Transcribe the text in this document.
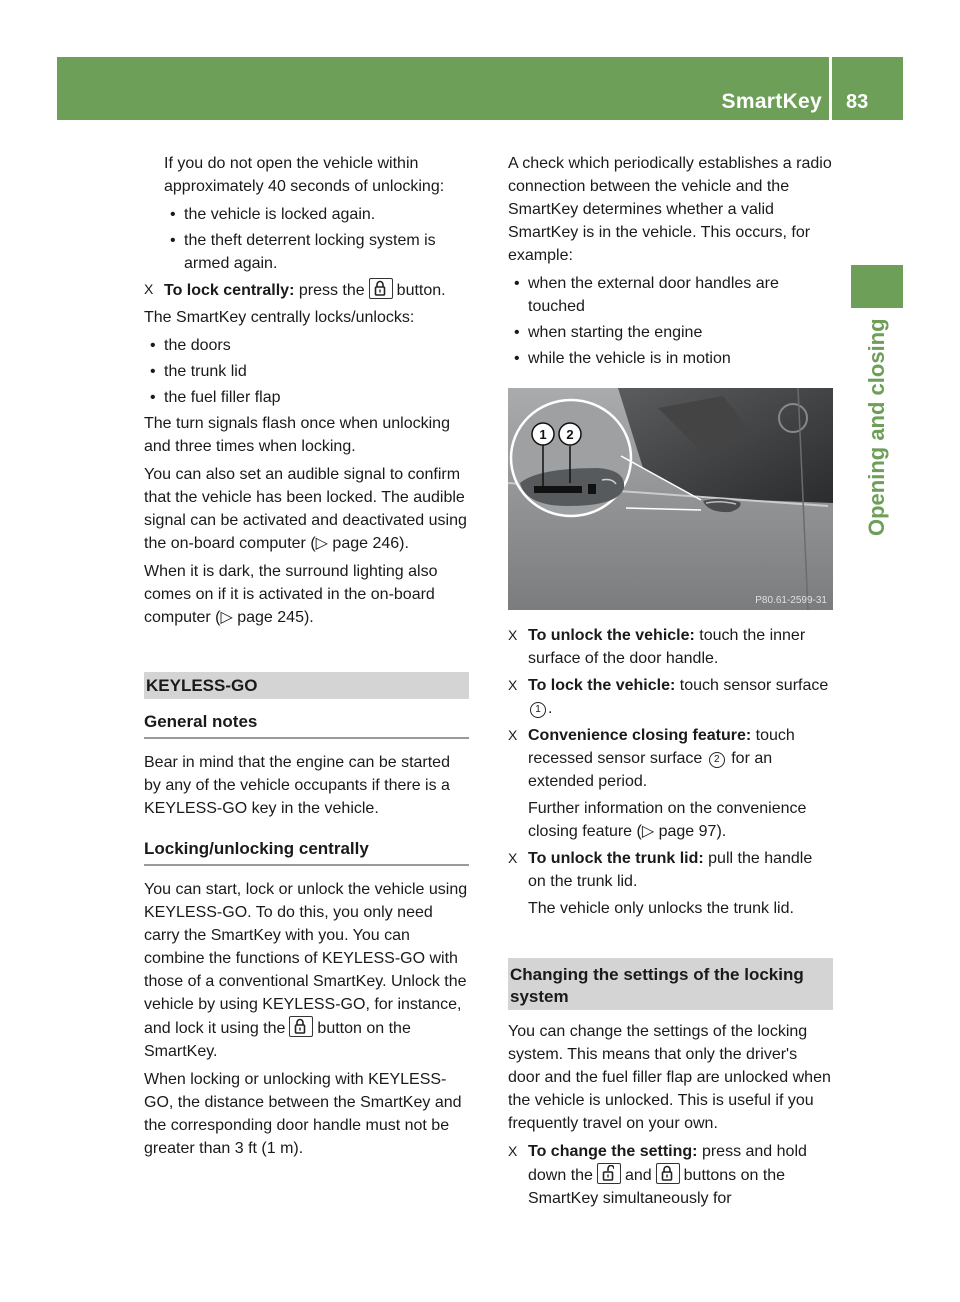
SmartKey 83
Opening and closing

If you do not open the vehicle within approximately 40 seconds of unlocking:

• the vehicle is locked again.
• the theft deterrent locking system is armed again.
X To lock centrally: press the button.

The SmartKey centrally locks/unlocks:

• the doors
• the trunk lid
• the fuel filler flap

The turn signals flash once when unlocking and three times when locking.

You can also set an audible signal to confirm that the vehicle has been locked. The audible signal can be activated and deactivated using the on-board computer (▷ page 246).

When it is dark, the surround lighting also comes on if it is activated in the on-board computer (▷ page 245).

KEYLESS-GO
General notes

Bear in mind that the engine can be started by any of the vehicle occupants if there is a KEYLESS-GO key in the vehicle.

Locking/unlocking centrally

You can start, lock or unlock the vehicle using KEYLESS-GO. To do this, you only need carry the SmartKey with you. You can combine the functions of KEYLESS-GO with those of a conventional SmartKey. Unlock the vehicle by using KEYLESS-GO, for instance, and lock it using the button on the SmartKey.

When locking or unlocking with KEYLESS-GO, the distance between the SmartKey and the corresponding door handle must not be greater than 3 ft (1 m).

A check which periodically establishes a radio connection between the vehicle and the SmartKey determines whether a valid SmartKey is in the vehicle. This occurs, for example:

• when the external door handles are touched
• when starting the engine
• while the vehicle is in motion
1 2
P80.61-2599-31
X To unlock the vehicle: touch the inner surface of the door handle.
X To lock the vehicle: touch sensor surface 1 .
X Convenience closing feature: touch recessed sensor surface 2 for an extended period.
Further information on the convenience closing feature (▷ page 97).
X To unlock the trunk lid: pull the handle on the trunk lid.
The vehicle only unlocks the trunk lid.
Changing the settings of the locking system

You can change the settings of the locking system. This means that only the driver's door and the fuel filler flap are unlocked when the vehicle is unlocked. This is useful if you frequently travel on your own.

X To change the setting: press and hold down the and buttons on the SmartKey simultaneously for
